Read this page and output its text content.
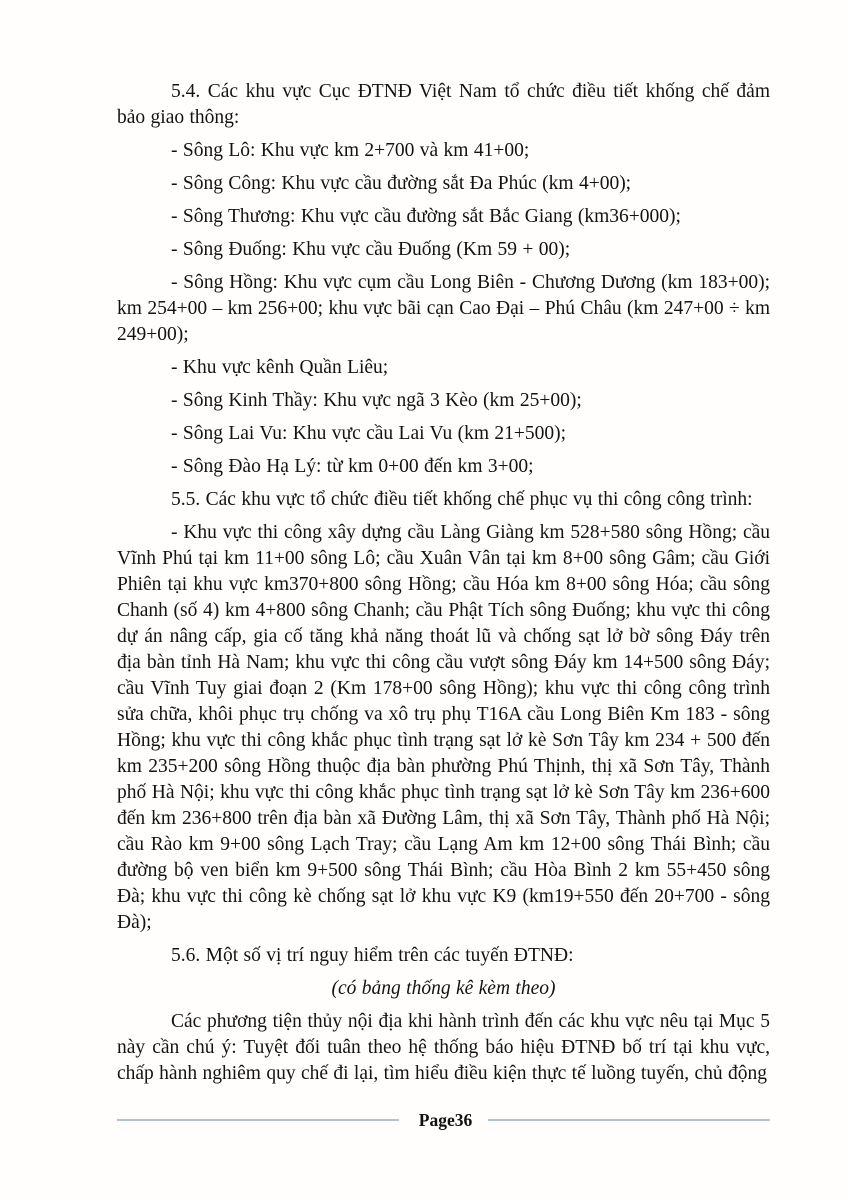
5.4. Các khu vực Cục ĐTNĐ Việt Nam tổ chức điều tiết khống chế đảm bảo giao thông:

- Sông Lô: Khu vực km 2+700 và km 41+00;

- Sông Công: Khu vực cầu đường sắt Đa Phúc (km 4+00);

- Sông Thương: Khu vực cầu đường sắt Bắc Giang (km36+000);

- Sông Đuống: Khu vực cầu Đuống (Km 59 + 00);

- Sông Hồng: Khu vực cụm cầu Long Biên - Chương Dương (km 183+00); km 254+00 – km 256+00; khu vực bãi cạn Cao Đại – Phú Châu (km 247+00 ÷ km 249+00);

- Khu vực kênh Quần Liêu;

- Sông Kinh Thầy: Khu vực ngã 3 Kèo (km 25+00);

- Sông Lai Vu: Khu vực cầu Lai Vu (km 21+500);

- Sông Đào Hạ Lý: từ km 0+00 đến km 3+00;

5.5. Các khu vực tổ chức điều tiết khống chế phục vụ thi công công trình:

- Khu vực thi công xây dựng cầu Làng Giàng km 528+580 sông Hồng; cầu Vĩnh Phú tại km 11+00 sông Lô; cầu Xuân Vân tại km 8+00 sông Gâm; cầu Giới Phiên tại khu vực km370+800 sông Hồng; cầu Hóa km 8+00 sông Hóa; cầu sông Chanh (số 4) km 4+800 sông Chanh; cầu Phật Tích sông Đuống; khu vực thi công dự án nâng cấp, gia cố tăng khả năng thoát lũ và chống sạt lở bờ sông Đáy trên địa bàn tỉnh Hà Nam; khu vực thi công cầu vượt sông Đáy km 14+500 sông Đáy; cầu Vĩnh Tuy giai đoạn 2 (Km 178+00 sông Hồng); khu vực thi công công trình sửa chữa, khôi phục trụ chống va xô trụ phụ T16A cầu Long Biên Km 183 - sông Hồng; khu vực thi công khắc phục tình trạng sạt lở kè Sơn Tây km 234 + 500 đến km 235+200 sông Hồng thuộc địa bàn phường Phú Thịnh, thị xã Sơn Tây, Thành phố Hà Nội; khu vực thi công khắc phục tình trạng sạt lở kè Sơn Tây km 236+600 đến km 236+800 trên địa bàn xã Đường Lâm, thị xã Sơn Tây, Thành phố Hà Nội; cầu Rào km 9+00 sông Lạch Tray; cầu Lạng Am km 12+00 sông Thái Bình; cầu đường bộ ven biển km 9+500 sông Thái Bình; cầu Hòa Bình 2 km 55+450 sông Đà; khu vực thi công kè chống sạt lở khu vực K9 (km19+550 đến 20+700 - sông Đà);

5.6. Một số vị trí nguy hiểm trên các tuyến ĐTNĐ:

(có bảng thống kê kèm theo)

Các phương tiện thủy nội địa khi hành trình đến các khu vực nêu tại Mục 5 này cần chú ý: Tuyệt đối tuân theo hệ thống báo hiệu ĐTNĐ bố trí tại khu vực, chấp hành nghiêm quy chế đi lại, tìm hiểu điều kiện thực tế luồng tuyến, chủ động

Page36
